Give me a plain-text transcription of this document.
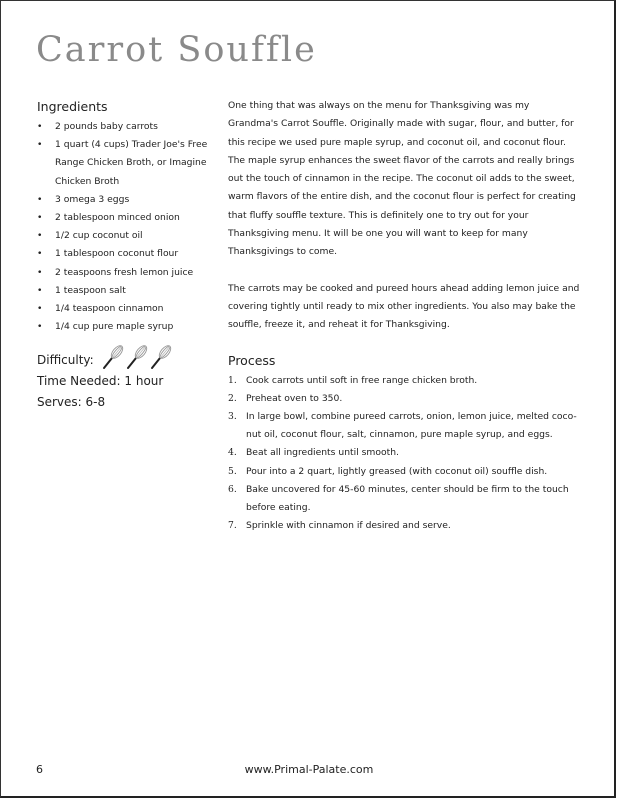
Carrot Souffle
Ingredients
• 2 pounds baby carrots
• 1 quart (4 cups) Trader Joe's Free Range Chicken Broth, or Imagine Chicken Broth
• 3 omega 3 eggs
• 2 tablespoon minced onion
• 1/2 cup coconut oil
• 1 tablespoon coconut flour
• 2 teaspoons fresh lemon juice
• 1 teaspoon salt
• 1/4 teaspoon cinnamon
• 1/4 cup pure maple syrup
Difficulty:
Time Needed: 1 hour
Serves: 6-8

One thing that was always on the menu for Thanksgiving was my Grandma's Carrot Souffle. Originally made with sugar, flour, and butter, for this recipe we used pure maple syrup, and coconut oil, and coconut flour. The maple syrup enhances the sweet flavor of the carrots and really brings out the touch of cinnamon in the recipe. The coconut oil adds to the sweet, warm flavors of the entire dish, and the coconut flour is perfect for creating that fluffy souffle texture. This is definitely one to try out for your Thanksgiving menu. It will be one you will want to keep for many Thanksgivings to come.

The carrots may be cooked and pureed hours ahead adding lemon juice and covering tightly until ready to mix other ingredients. You also may bake the souffle, freeze it, and reheat it for Thanksgiving.

Process
1. Cook carrots until soft in free range chicken broth.
2. Preheat oven to 350.
3. In large bowl, combine pureed carrots, onion, lemon juice, melted coco-nut oil, coconut flour, salt, cinnamon, pure maple syrup, and eggs.
4. Beat all ingredients until smooth.
5. Pour into a 2 quart, lightly greased (with coconut oil) souffle dish.
6. Bake uncovered for 45-60 minutes, center should be firm to the touch before eating.
7. Sprinkle with cinnamon if desired and serve.
6	www.Primal-Palate.com
